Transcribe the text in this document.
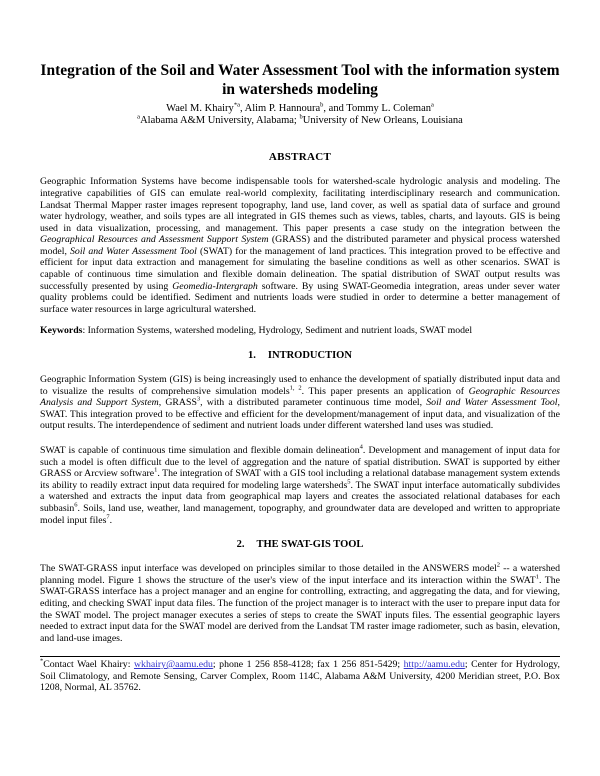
Integration of the Soil and Water Assessment Tool with the information system in watersheds modeling
Wael M. Khairy$^{*a}$, Alim P. Hannoura$^b$, and Tommy L. Coleman$^a$
$^a$Alabama A&M University, Alabama; $^b$University of New Orleans, Louisiana
ABSTRACT

Geographic Information Systems have become indispensable tools for watershed-scale hydrologic analysis and modeling. The integrative capabilities of GIS can emulate real-world complexity, facilitating interdisciplinary research and communication. Landsat Thermal Mapper raster images represent topography, land use, land cover, as well as spatial data of surface and ground water hydrology, weather, and soils types are all integrated in GIS themes such as views, tables, charts, and layouts. GIS is being used in data visualization, processing, and management. This paper presents a case study on the integration between the Geographical Resources and Assessment Support System (GRASS) and the distributed parameter and physical process watershed model, Soil and Water Assessment Tool (SWAT) for the management of land practices. This integration proved to be effective and efficient for input data extraction and management for simulating the baseline conditions as well as other scenarios. SWAT is capable of continuous time simulation and flexible domain delineation. The spatial distribution of SWAT output results was successfully presented by using Geomedia-Intergraph software. By using SWAT-Geomedia integration, areas under sever water quality problems could be identified. Sediment and nutrients loads were studied in order to determine a better management of surface water resources in large agricultural watershed.

Keywords: Information Systems, watershed modeling, Hydrology, Sediment and nutrient loads, SWAT model

1. INTRODUCTION

Geographic Information System (GIS) is being increasingly used to enhance the development of spatially distributed input data and to visualize the results of comprehensive simulation models$^{1, 2}$. This paper presents an application of Geographic Resources Analysis and Support System, GRASS$^3$, with a distributed parameter continuous time model, Soil and Water Assessment Tool, SWAT. This integration proved to be effective and efficient for the development/management of input data, and visualization of the output results. The interdependence of sediment and nutrient loads under different watershed land uses was studied.

SWAT is capable of continuous time simulation and flexible domain delineation$^4$. Development and management of input data for such a model is often difficult due to the level of aggregation and the nature of spatial distribution. SWAT is supported by either GRASS or Arcview software$^1$. The integration of SWAT with a GIS tool including a relational database management system extends its ability to readily extract input data required for modeling large watersheds$^5$. The SWAT input interface automatically subdivides a watershed and extracts the input data from geographical map layers and creates the associated relational databases for each subbasin$^6$. Soils, land use, weather, land management, topography, and groundwater data are developed and written to appropriate model input files$^7$.

2. THE SWAT-GIS TOOL

The SWAT-GRASS input interface was developed on principles similar to those detailed in the ANSWERS model$^2$ -- a watershed planning model. Figure 1 shows the structure of the user's view of the input interface and its interaction within the SWAT$^1$. The SWAT-GRASS interface has a project manager and an engine for controlling, extracting, and aggregating the data, and for viewing, editing, and checking SWAT input data files. The function of the project manager is to interact with the user to prepare input data for the SWAT model. The project manager executes a series of steps to create the SWAT inputs files. The essential geographic layers needed to extract input data for the SWAT model are derived from the Landsat TM raster image radiometer, such as basin, elevation, and land-use images.

*Contact Wael Khairy: wkhairy@aamu.edu; phone 1 256 858-4128; fax 1 256 851-5429; http://aamu.edu; Center for Hydrology, Soil Climatology, and Remote Sensing, Carver Complex, Room 114C, Alabama A&M University, 4200 Meridian street, P.O. Box 1208, Normal, AL 35762.
